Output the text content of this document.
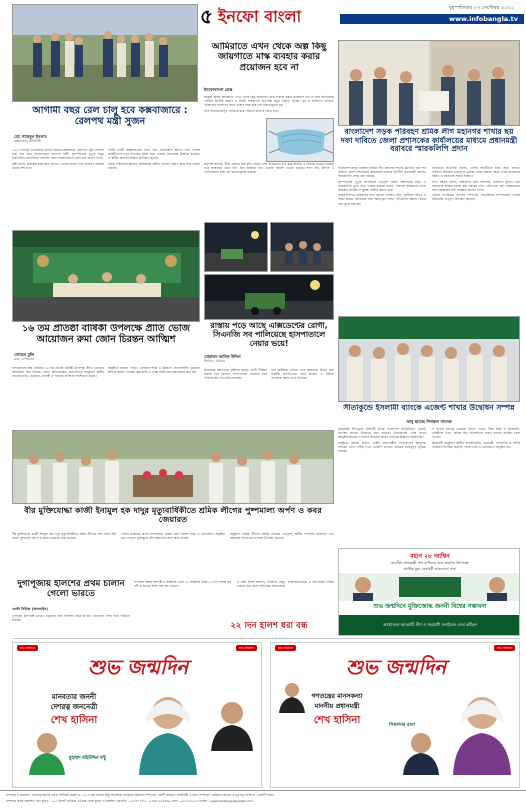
৫ ইনফো বাংলা	বৃহস্পতিবার ২৩ সেপ্টেম্বর ২০২১
www.infobangla.tv
আগামী বছর রেল চালু হবে কক্সবাজারে : রেলপথ মন্ত্রী সুজন
মো: শাহেদুল ইসলাম
কক্সবাজার প্রতিনিধি

২০২২ সালের ডিসেম্বরের মধ্যেই চট্টগ্রাম-কক্সবাজার রেলপথে ট্রেন চলাচল শুরু হবে বলে জানিয়েছেন রেলপথ মন্ত্রী। বৃহস্পতিবার দুপুরে রামুর নির্মাণাধীন রেলস্টেশন পরিদর্শন শেষে সাংবাদিকদের এসব কথা বলেন তিনি।

মন্ত্রী বলেন, প্রকল্পের কাজ দ্রুত গতিতে এগিয়ে চলছে এবং নির্ধারিত সময়ের মধ্যেই শেষ হবে।

পর্যটন নগরী কক্সবাজারের সাথে রেল যোগাযোগ স্থাপিত হলে দেশের অর্থনীতিতে নতুন দিগন্তের সূচনা হবে। এসময় রেলওয়ের ঊর্ধ্বতন কর্মকর্তা ও স্থানীয় জনপ্রতিনিধিরা উপস্থিত ছিলেন।

প্রকল্প পরিচালক জানান, আইকনিক স্টেশন ভবনের নির্মাণ কাজ শেষ পর্যায়ে রয়েছে।

আমিরাতে এখন থেকে অল্প কিছু জায়গাতে মাস্ক ব্যবহার করার প্রয়োজন হবে না
ইনফোবাংলা ডেস্ক

সংযুক্ত আরব আমিরাতে এখন থেকে কিছু জায়গাতে মাস্ক ব্যবহার করার প্রয়োজন হবে না বলে জানিয়েছে দেশটির জাতীয় জরুরি ও সংকট ব্যবস্থাপনা কর্তৃপক্ষ। সমুদ্র সৈকত, সুইমিং পুল ও ব্যক্তিগত গাড়িতে পরিবারের সদস্যদের সাথে থাকার সময় মাস্ক পরা বাধ্যতামূলক নয়।

তবে জনসমাগমপূর্ণ এলাকায় মাস্ক পরিধান চালিয়ে যেতে হবে।

কর্তৃপক্ষ জানায়, টিকা গ্রহণের হার বৃদ্ধি পাওয়া এবং সংক্রমণের হার কমে আসায় এ সিদ্ধান্ত নেওয়া হয়েছে। তবে স্বাস্থ্যবিধি মেনে চলা এবং নিয়মিত হাত ধোয়ার পরামর্শ দেওয়া হয়েছে। শপিং মল, অফিস ও গণপরিবহনে মাস্ক পরা বাধ্যতামূলক থাকবে।

বাংলাদেশ সড়ক পরিবহণ শ্রমিক লীগ মহানগর শাখার ছয় দফা দাবিতে জেলা প্রশাসকের কার্যালয়ের মাধ্যমে প্রধানমন্ত্রী বরাবরে স্মারকলিপি প্রদান

বাংলাদেশ সড়ক পরিবহণ শ্রমিক লীগ মহানগর শাখার উদ্যোগে ছয় দফা দাবিতে জেলা প্রশাসকের কার্যালয়ের মাধ্যমে মাননীয় প্রধানমন্ত্রী বরাবরে স্মারকলিপি প্রদান করা হয়েছে।

বৃহস্পতিবার দুপুরে সংগঠনের নেতৃবৃন্দ জেলা প্রশাসকের হাতে এ স্মারকলিপি তুলে দেন। এসময় বক্তারা বলেন, পরিবহণ শ্রমিকদের ন্যায্য অধিকার প্রতিষ্ঠা ও সুরক্ষা নিশ্চিত করতে হবে।

স্মারকলিপিতে শ্রমিকদের জন্য কল্যাণ তহবিল গঠন, দুর্ঘটনায় আহত ও নিহত শ্রমিক পরিবারের জন্য ক্ষতিপূরণ প্রদান, চাঁদাবাজি বন্ধসহ বিভিন্ন দাবি তুলে ধরা হয়।

সংগঠনের সভাপতি বলেন, দেশের অর্থনীতির চাকা সচল রাখতে পরিবহণ শ্রমিকরা গুরুত্বপূর্ণ ভূমিকা পালন করছে। অথচ তারা নানাভাবে বঞ্চিত ও হয়রানির শিকার হচ্ছেন।

তিনি আরও বলেন, শ্রমিকদের জন্য আবাসন, চিকিৎসা সুবিধা এবং সন্তানদের শিক্ষার ব্যবস্থা করা সময়ের দাবি। দাবিগুলো দ্রুত বাস্তবায়নের জন্য সরকারের প্রতি আহ্বান জানান তিনি।

এসময় সংগঠনের সাধারণ সম্পাদক, সাংগঠনিক সম্পাদকসহ বিভিন্ন ইউনিটের নেতৃবৃন্দ উপস্থিত ছিলেন।

১৬ তম প্রতিষ্ঠা বার্ষিকী উপলক্ষে প্রীতি ভোজ আয়োজন রুমা জোন চিরন্তন আত্মিশ
সোহেল মুন্সি
রুমা, বান্দরবান

বান্দরবানের রুমা জোনের ১৬ তম প্রতিষ্ঠা বার্ষিকী উপলক্ষে প্রীতি ভোজের আয়োজন করা হয়েছে। জোন অধিনায়কের সভাপতিত্বে অনুষ্ঠানে স্থানীয় জনপ্রতিনিধি, হেডম্যান, কার্বারী ও গণমান্য ব্যক্তিবর্গ অংশগ্রহণ করেন।

অনুষ্ঠানে বক্তারা পার্বত্য এলাকায় শান্তি ও উন্নয়নে সেনাবাহিনীর ভূমিকার প্রশংসা করেন। এসময় কেক কাটা ও দোয়া মাহফিলের আয়োজন করা হয়।

রাস্তায় পড়ে আছে এক্সিডেন্টের রোগী, সিএনজি সব পালিয়েছে হাসপাতালে নেয়ার ভয়ে!
মোহাম্মদ আরিফ উদ্দিন
ভিডিও, চট্টগ্রাম

চট্টগ্রামের মহাসড়কে দুর্ঘটনায় আহত রোগী দীর্ঘক্ষণ রাস্তায় পড়ে ছিলেন। হাসপাতালে নেওয়ার ভয়ে পালিয়ে যায় সিএনজি চালকরা।

পরে স্থানীয়রা এগিয়ে এসে আহতকে উদ্ধার করে নিকটস্থ হাসপাতালে ভর্তি করেন। এ ঘটনায় এলাকায় ক্ষোভ দেখা দিয়েছে।

সীতাকুন্ডে ইসলামী ব্যাংকে এজেন্ট শাখার উদ্বোধন সম্পন্ন
আবু ছালেহ দিদারুল সালেক

চট্টগ্রামের সীতাকুন্ডে ইসলামী ব্যাংক বাংলাদেশ লিমিটেডের এজেন্ট ব্যাংকিং শাখার উদ্বোধন করা হয়েছে। উপজেলার পৌর সদরে আনুষ্ঠানিকভাবে এ শাখার উদ্বোধন করেন ব্যাংকের ঊর্ধ্বতন কর্মকর্তারা।

অনুষ্ঠানে বক্তারা বলেন, গ্রামীণ জনগোষ্ঠীর দোরগোড়ায় আধুনিক ব্যাংকিং সেবা পৌঁছে দিতে এজেন্ট ব্যাংকিং কার্যক্রম গুরুত্বপূর্ণ ভূমিকা রাখছে।

এ শাখার মাধ্যমে গ্রাহকরা হিসাব খোলা, টাকা জমা ও উত্তোলন, রেমিট্যান্স গ্রহণ, বিভিন্ন বিল পরিশোধসহ সকল ধরনের ব্যাংকিং সেবা পাবেন।

উদ্বোধনী অনুষ্ঠানে স্থানীয় জনপ্রতিনিধি, ব্যবসায়ী, সাংবাদিক ও বিশিষ্ট ব্যক্তিবর্গ উপস্থিত ছিলেন। শেষে দোয়া ও মোনাজাত অনুষ্ঠিত হয়।

বীর মুক্তিযোদ্ধা কাজী ইনামুল হক দাদুর মৃত্যুবার্ষিকীতে শ্রমিক লীগের পুষ্পমাল্য অর্পণ ও কবর জেয়ারত

বীর মুক্তিযোদ্ধা কাজী ইনামুল হক দাদুর মৃত্যুবার্ষিকীতে শ্রমিক লীগের পক্ষ থেকে তাঁর কবরে পুষ্পমাল্য অর্পণ ও কবর জেয়ারত করা হয়েছে।

এসময় মরহুমের রূহের মাগফেরাত কামনা করে বিশেষ দোয়া ও মোনাজাত অনুষ্ঠিত হয়। নেতৃবৃন্দ মুক্তিযুদ্ধে তাঁর অবদানের কথা স্মরণ করেন।

অনুষ্ঠানে শ্রমিক লীগের বিভিন্ন পর্যায়ের নেতৃবৃন্দ, স্থানীয় গণ্যমান্য ব্যক্তিবর্গ এবং মরহুমের পরিবারের সদস্যরা উপস্থিত ছিলেন।

দুর্গাপূজায় ইলিশের প্রথম চালান গেলো ভারতে
এনবি নিউজ (অনলাইন)

দুর্গাপূজা উপলক্ষে ভারতে রপ্তানির জন্য ইলিশের প্রথম চালান বেনাপোল বন্দর দিয়ে পাঠানো হয়েছে।

মা ইলিশ রক্ষায় আগামী ৪ অক্টোবর থেকে ২৫ অক্টোবর পর্যন্ত ২২ দিন দেশের সব নদী ও সাগরে ইলিশ ধরা বন্ধ থাকবে।

এ সময় ইলিশ আহরণ, পরিবহন, মজুদ, বাজারজাতকরণ ও ক্রয়-বিক্রয় নিষিদ্ধ থাকবে বলে মৎস্য অধিদপ্তর জানিয়েছে।

২২ দিন ইলিশ ধরা বন্ধ
মহান ২৮ আশ্বিন
মাননীয় প্রধানমন্ত্রী শেখ হাসিনার শুভ জন্মদিন উপলক্ষে
আর্থিক মুদ্রা সেবাধর্মী আলোচনা সভা
শুভ জন্মদিনে মুক্তিজোদ্ধ জননী বিশ্বের সম্ভাবনা
আয়োজনে আওয়ামী লীগ ও সহযোগী সংগঠনের নেতা কর্মীবৃন্দ
শুভ জন্মদিন	শুভ জন্মদিন
শুভ জন্মদিন
মানবতার জননী
দেশরত্ন জননেত্রী
শেখ হাসিনা
মুহাম্মদ মহিউদ্দিন মন্টু
শুভ জন্মদিন	শুভ জন্মদিন
শুভ জন্মদিন
গণতন্ত্রের মানসকন্যা
মাননীয় প্রধানমন্ত্রী
শেখ হাসিনা	সিকান্দার রানা
সম্পাদক ও প্রকাশক : জননেত্র রনদরি কর্তৃক সিটিকেট প্রকাশ এ-৩ এ ৩ ধারা সালাম কিছু আবাসিক এলাকায় পরিচালন সম্পাদক : আলী আহমেদ পাটোয়ারী ও বার্তা সম্পাদক : কাউছার হোসেন ও মুখপাত্র সম্পাদক : মেহেদী হাসান
সম্পাদক কর্তৃক প্রকাশিত এবং মুদ্রিত : ১০২ সিলেট হাইওয়ে, চট্টগ্রাম থেকে মুদ্রিত ও প্রকাশিত মোবাইল : ০১৮৭৭ ৮৮৩, ০১৮৪৭-৯২৮৪৯৬ ফোন : ০২৩৩৩৩৩৫৩ ইমেইল : newsinfobangla@gmail.com
